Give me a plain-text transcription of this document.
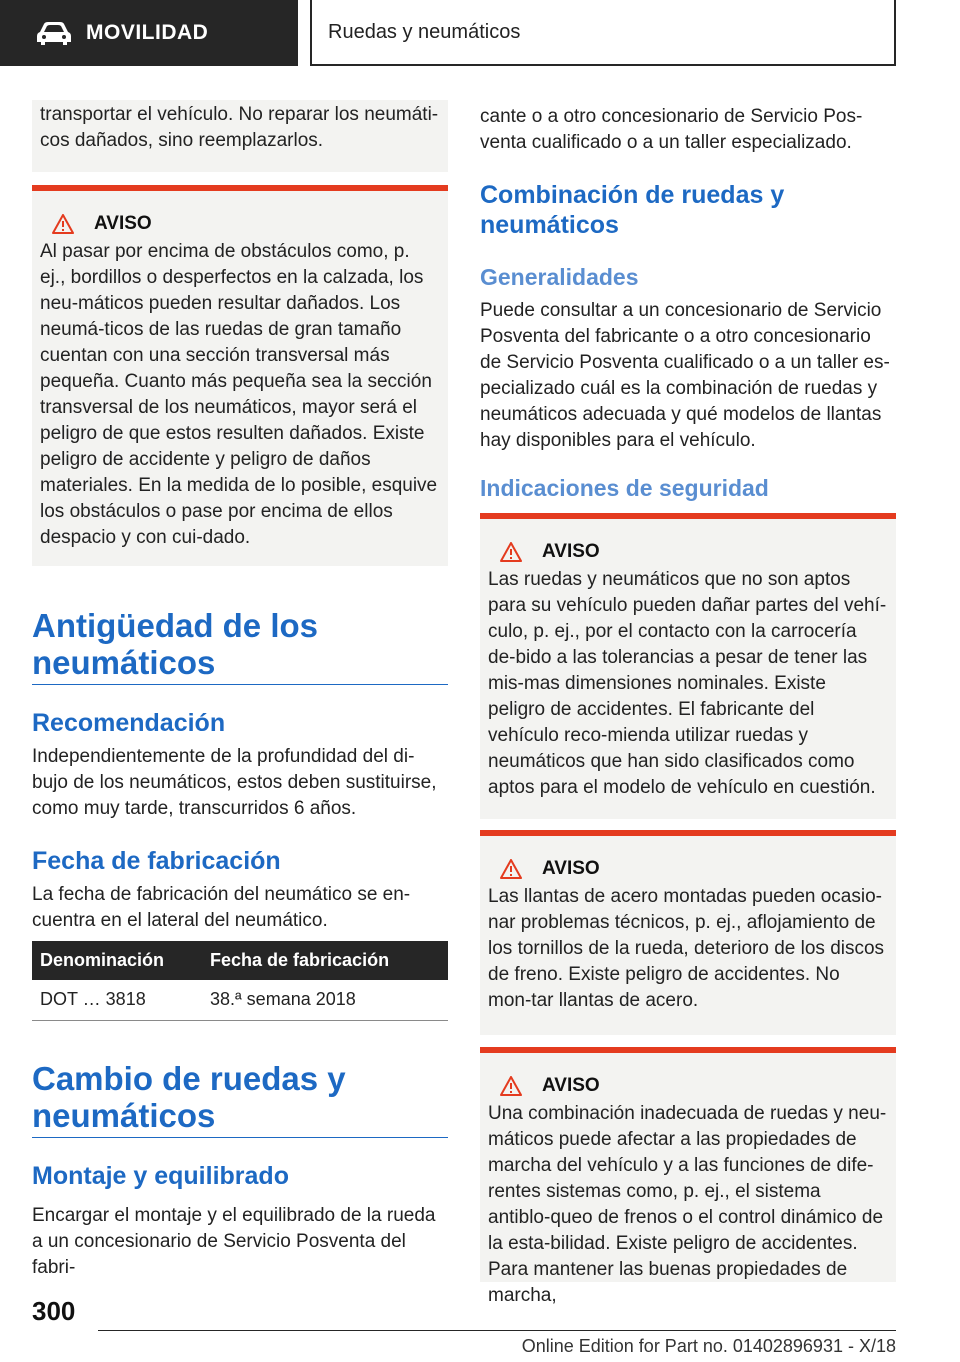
MOVILIDAD	Ruedas y neumáticos
transportar el vehículo. No reparar los neumáti-cos dañados, sino reemplazarlos.
AVISO
Al pasar por encima de obstáculos como, p. ej., bordillos o desperfectos en la calzada, los neu-máticos pueden resultar dañados. Los neumá-ticos de las ruedas de gran tamaño cuentan con una sección transversal más pequeña. Cuanto más pequeña sea la sección transversal de los neumáticos, mayor será el peligro de que estos resulten dañados. Existe peligro de accidente y peligro de daños materiales. En la medida de lo posible, esquive los obstáculos o pase por encima de ellos despacio y con cui-dado.
Antigüedad de los neumáticos
Recomendación
Independientemente de la profundidad del di-bujo de los neumáticos, estos deben sustituirse, como muy tarde, transcurridos 6 años.
Fecha de fabricación
La fecha de fabricación del neumático se en-cuentra en el lateral del neumático.
Denominación	Fecha de fabricación
DOT … 3818	38.ª semana 2018
Cambio de ruedas y neumáticos
Montaje y equilibrado
Encargar el montaje y el equilibrado de la rueda a un concesionario de Servicio Posventa del fabri-
cante o a otro concesionario de Servicio Pos-venta cualificado o a un taller especializado.
Combinación de ruedas y neumáticos
Generalidades
Puede consultar a un concesionario de Servicio Posventa del fabricante o a otro concesionario de Servicio Posventa cualificado o a un taller es-pecializado cuál es la combinación de ruedas y neumáticos adecuada y qué modelos de llantas hay disponibles para el vehículo.
Indicaciones de seguridad
AVISO
Las ruedas y neumáticos que no son aptos para su vehículo pueden dañar partes del vehí-culo, p. ej., por el contacto con la carrocería de-bido a las tolerancias a pesar de tener las mis-mas dimensiones nominales. Existe peligro de accidentes. El fabricante del vehículo reco-mienda utilizar ruedas y neumáticos que han sido clasificados como aptos para el modelo de vehículo en cuestión.
AVISO
Las llantas de acero montadas pueden ocasio-nar problemas técnicos, p. ej., aflojamiento de los tornillos de la rueda, deterioro de los discos de freno. Existe peligro de accidentes. No mon-tar llantas de acero.
AVISO
Una combinación inadecuada de ruedas y neu-máticos puede afectar a las propiedades de marcha del vehículo y a las funciones de dife-rentes sistemas como, p. ej., el sistema antiblo-queo de frenos o el control dinámico de la esta-bilidad. Existe peligro de accidentes. Para mantener las buenas propiedades de marcha,
300
Online Edition for Part no. 01402896931 - X/18
